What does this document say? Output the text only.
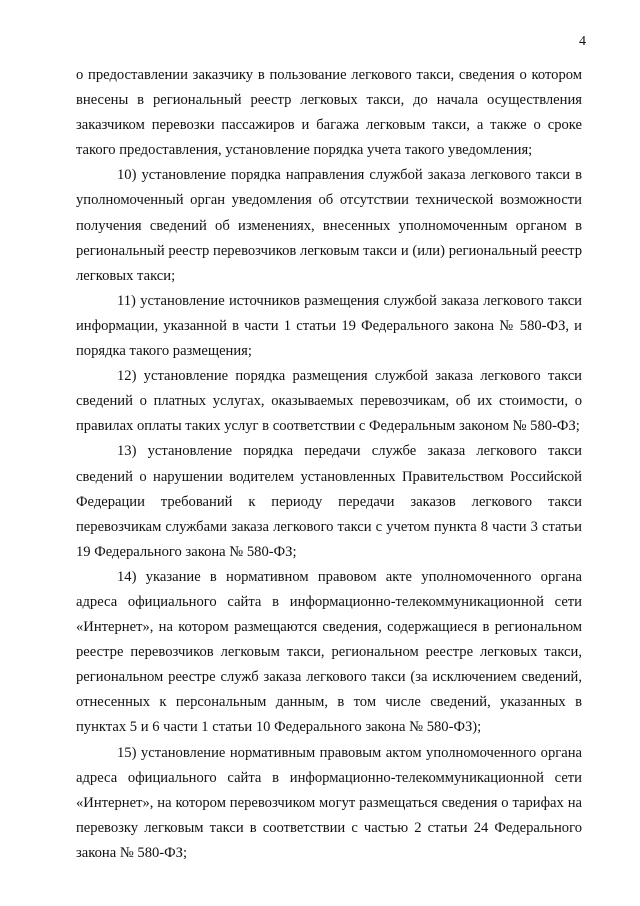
4

о предоставлении заказчику в пользование легкового такси, сведения о котором внесены в региональный реестр легковых такси, до начала осуществления заказчиком перевозки пассажиров и багажа легковым такси, а также о сроке такого предоставления, установление порядка учета такого уведомления;

10) установление порядка направления службой заказа легкового такси в уполномоченный орган уведомления об отсутствии технической возможности получения сведений об изменениях, внесенных уполномоченным органом в региональный реестр перевозчиков легковым такси и (или) региональный реестр легковых такси;

11) установление источников размещения службой заказа легкового такси информации, указанной в части 1 статьи 19 Федерального закона № 580-ФЗ, и порядка такого размещения;

12) установление порядка размещения службой заказа легкового такси сведений о платных услугах, оказываемых перевозчикам, об их стоимости, о правилах оплаты таких услуг в соответствии с Федеральным законом № 580-ФЗ;

13) установление порядка передачи службе заказа легкового такси сведений о нарушении водителем установленных Правительством Российской Федерации требований к периоду передачи заказов легкового такси перевозчикам службами заказа легкового такси с учетом пункта 8 части 3 статьи 19 Федерального закона № 580-ФЗ;

14) указание в нормативном правовом акте уполномоченного органа адреса официального сайта в информационно-телекоммуникационной сети «Интернет», на котором размещаются сведения, содержащиеся в региональном реестре перевозчиков легковым такси, региональном реестре легковых такси, региональном реестре служб заказа легкового такси (за исключением сведений, отнесенных к персональным данным, в том числе сведений, указанных в пунктах 5 и 6 части 1 статьи 10 Федерального закона № 580-ФЗ);

15) установление нормативным правовым актом уполномоченного органа адреса официального сайта в информационно-телекоммуникационной сети «Интернет», на котором перевозчиком могут размещаться сведения о тарифах на перевозку легковым такси в соответствии с частью 2 статьи 24 Федерального закона № 580-ФЗ;
